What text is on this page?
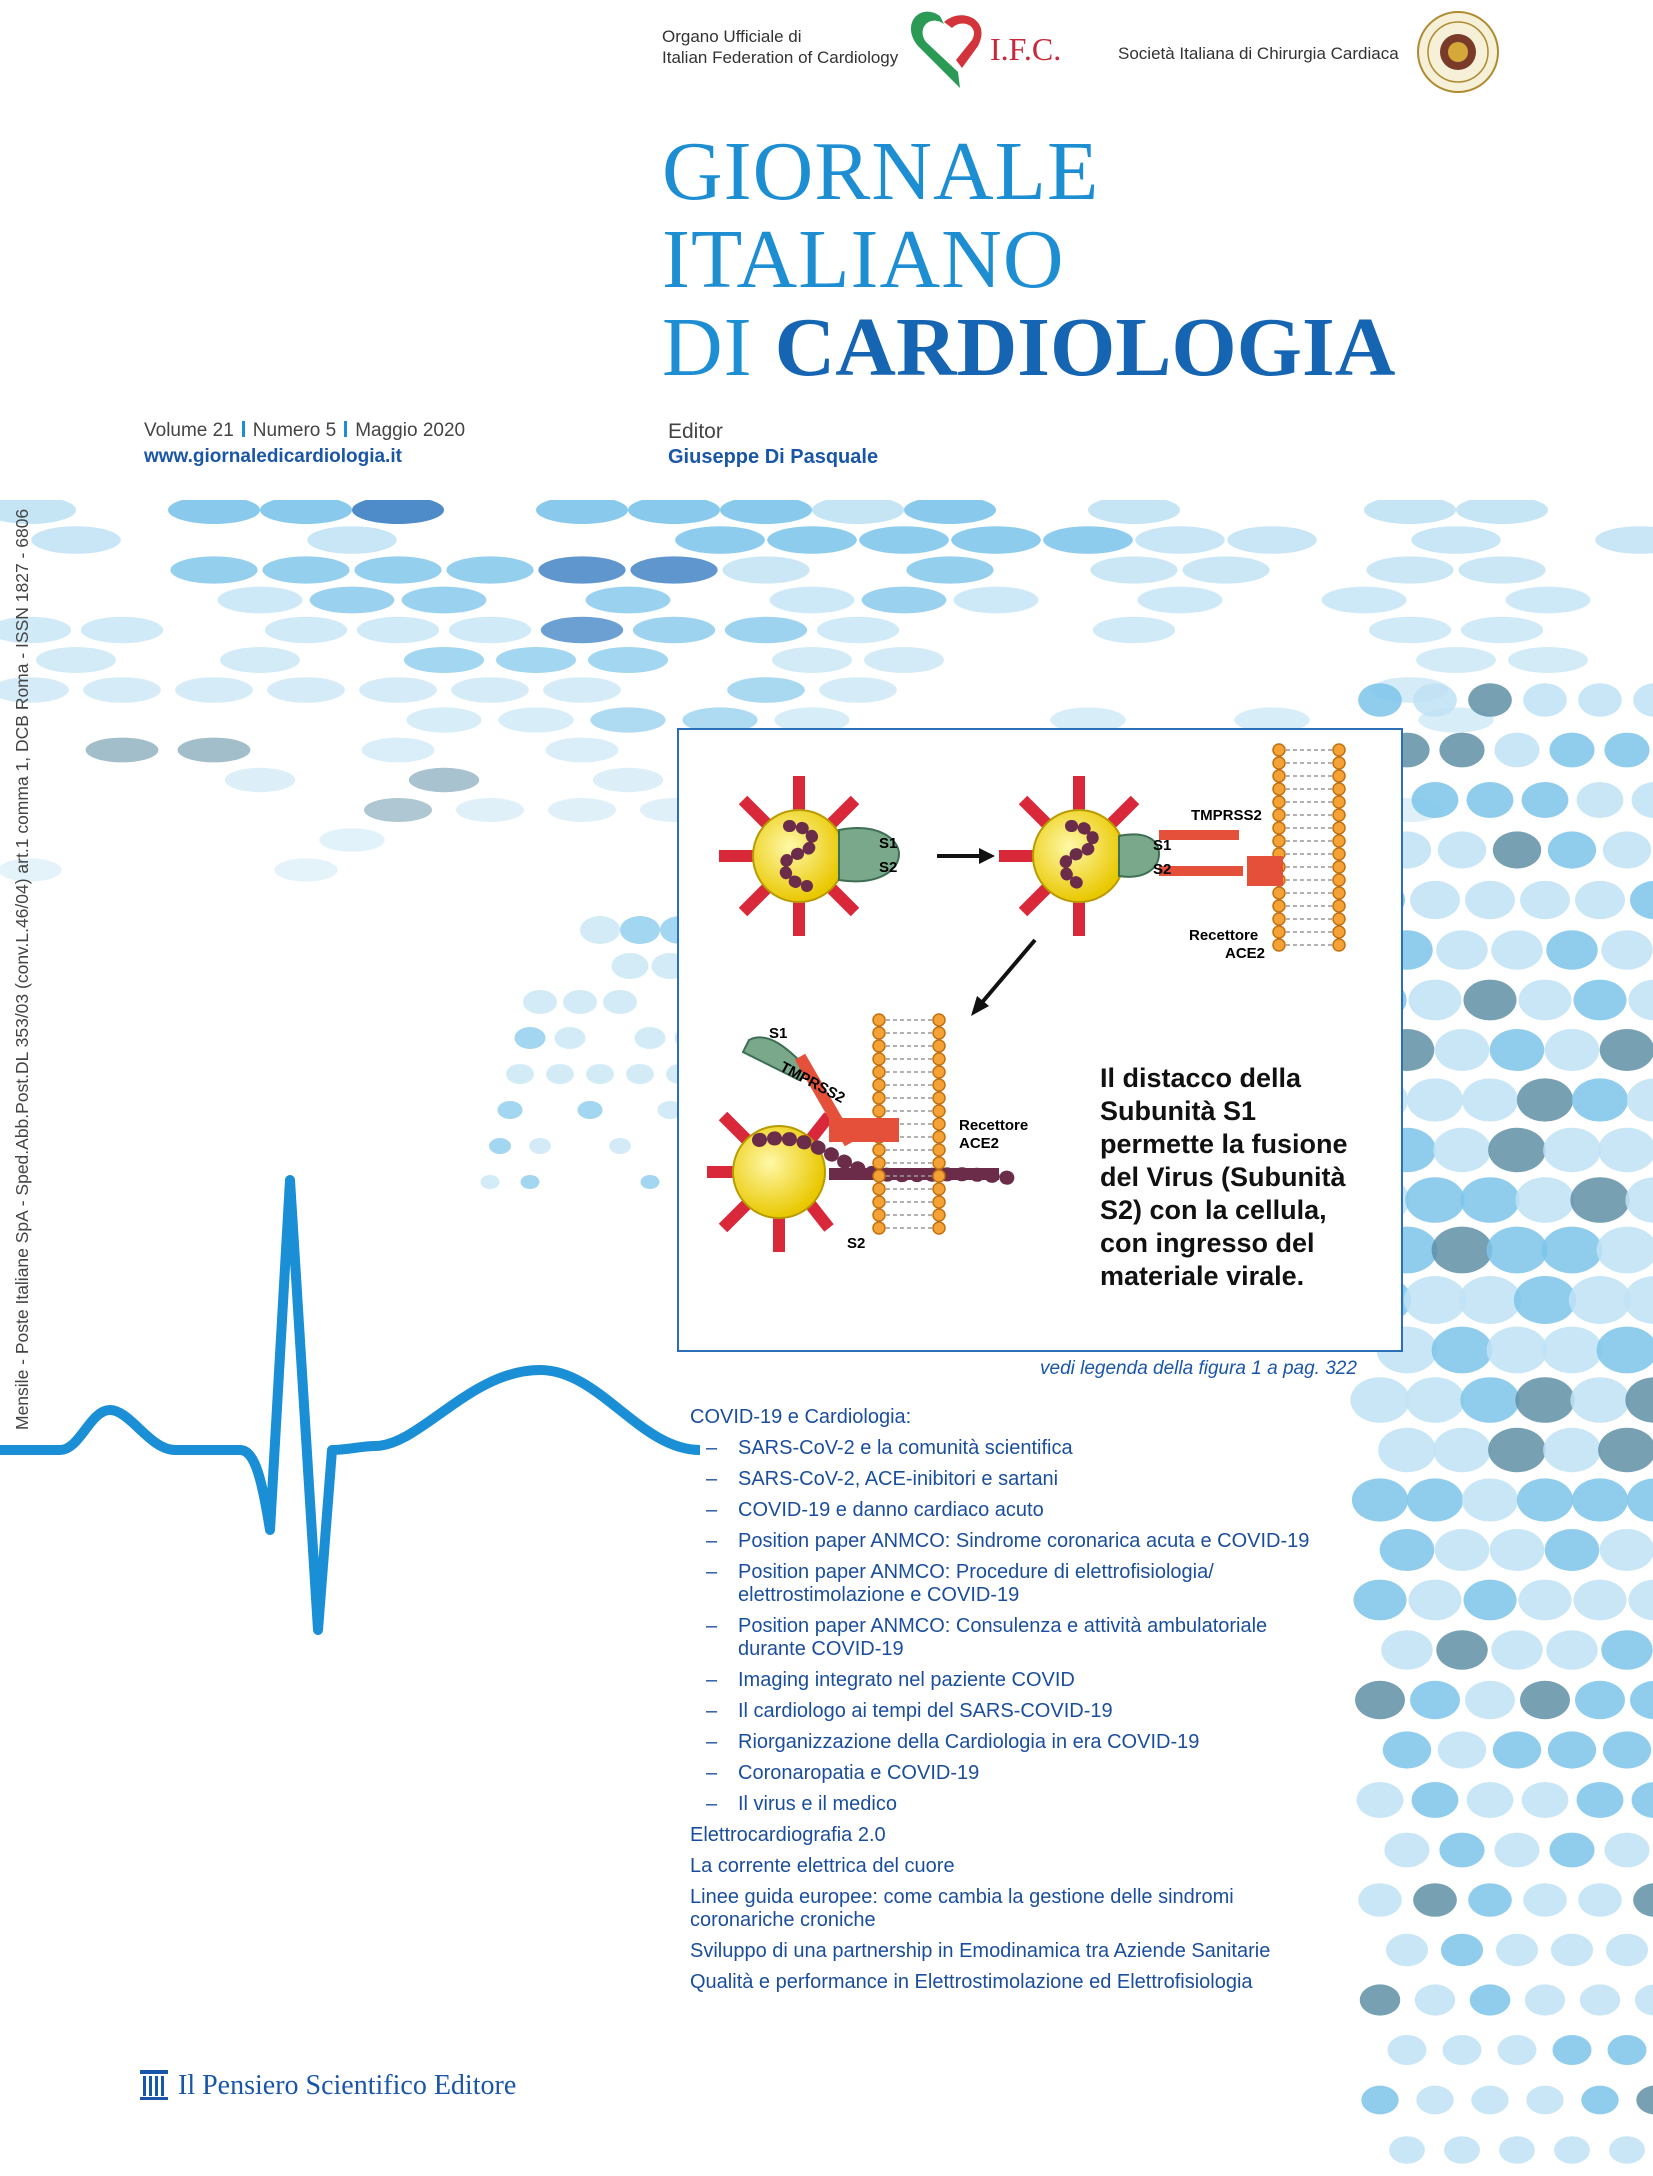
Organo Ufficiale di
Italian Federation of Cardiology	I.F.C.	Società Italiana di Chirurgia Cardiaca
GIORNALE
ITALIANO
DI CARDIOLOGIA
Volume 21 Numero 5 Maggio 2020
www.giornaledicardiologia.it
Editor
Giuseppe Di Pasquale
Mensile - Poste Italiane SpA - Sped.Abb.Post.DL 353/03 (conv.L.46/04) art.1 comma 1, DCB Roma - ISSN 1827 - 6806	S1
S2
S1
S2
TMPRSS2
Recettore
ACE2
S1
TMPRSS2
Recettore
ACE2
S2
Il distacco della
Subunità S1
permette la fusione
del Virus (Subunità
S2) con la cellula,
con ingresso del
materiale virale.
vedi legenda della figura 1 a pag. 322
COVID-19 e Cardiologia:
– SARS-CoV-2 e la comunità scientifica
– SARS-CoV-2, ACE-inibitori e sartani
– COVID-19 e danno cardiaco acuto
– Position paper ANMCO: Sindrome coronarica acuta e COVID-19
– Position paper ANMCO: Procedure di elettrofisiologia/
elettrostimolazione e COVID-19
– Position paper ANMCO: Consulenza e attività ambulatoriale
durante COVID-19
– Imaging integrato nel paziente COVID
– Il cardiologo ai tempi del SARS-COVID-19
– Riorganizzazione della Cardiologia in era COVID-19
– Coronaropatia e COVID-19
– Il virus e il medico
Elettrocardiografia 2.0
La corrente elettrica del cuore
Linee guida europee: come cambia la gestione delle sindromi
coronariche croniche
Sviluppo di una partnership in Emodinamica tra Aziende Sanitarie
Qualità e performance in Elettrostimolazione ed Elettrofisiologia
Il Pensiero Scientifico Editore
